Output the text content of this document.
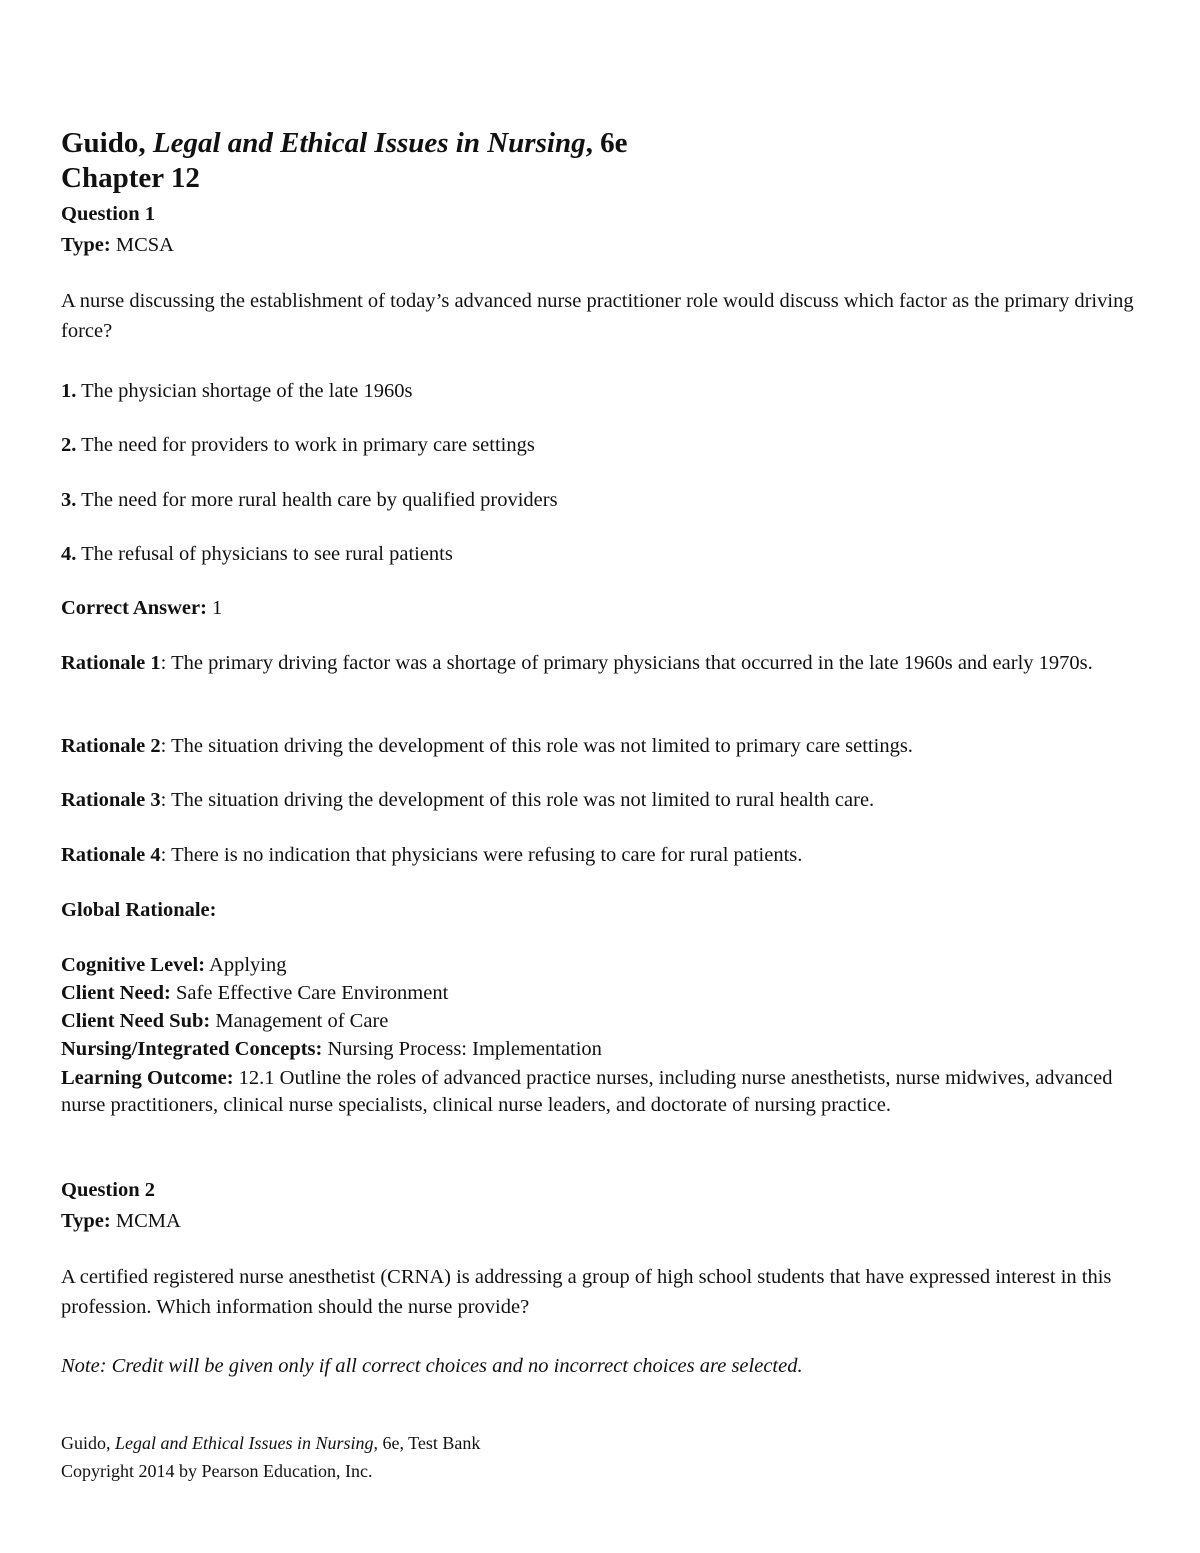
Guido, Legal and Ethical Issues in Nursing, 6e
Chapter 12
Question 1
Type: MCSA
A nurse discussing the establishment of today’s advanced nurse practitioner role would discuss which factor as the primary driving force?
1. The physician shortage of the late 1960s
2. The need for providers to work in primary care settings
3. The need for more rural health care by qualified providers
4. The refusal of physicians to see rural patients
Correct Answer: 1
Rationale 1: The primary driving factor was a shortage of primary physicians that occurred in the late 1960s and early 1970s.
Rationale 2: The situation driving the development of this role was not limited to primary care settings.
Rationale 3: The situation driving the development of this role was not limited to rural health care.
Rationale 4: There is no indication that physicians were refusing to care for rural patients.
Global Rationale:
Cognitive Level: Applying
Client Need: Safe Effective Care Environment
Client Need Sub: Management of Care
Nursing/Integrated Concepts: Nursing Process: Implementation
Learning Outcome: 12.1 Outline the roles of advanced practice nurses, including nurse anesthetists, nurse midwives, advanced nurse practitioners, clinical nurse specialists, clinical nurse leaders, and doctorate of nursing practice.
Question 2
Type: MCMA
A certified registered nurse anesthetist (CRNA) is addressing a group of high school students that have expressed interest in this profession. Which information should the nurse provide?
Note: Credit will be given only if all correct choices and no incorrect choices are selected.
Guido, Legal and Ethical Issues in Nursing, 6e, Test Bank
Copyright 2014 by Pearson Education, Inc.
